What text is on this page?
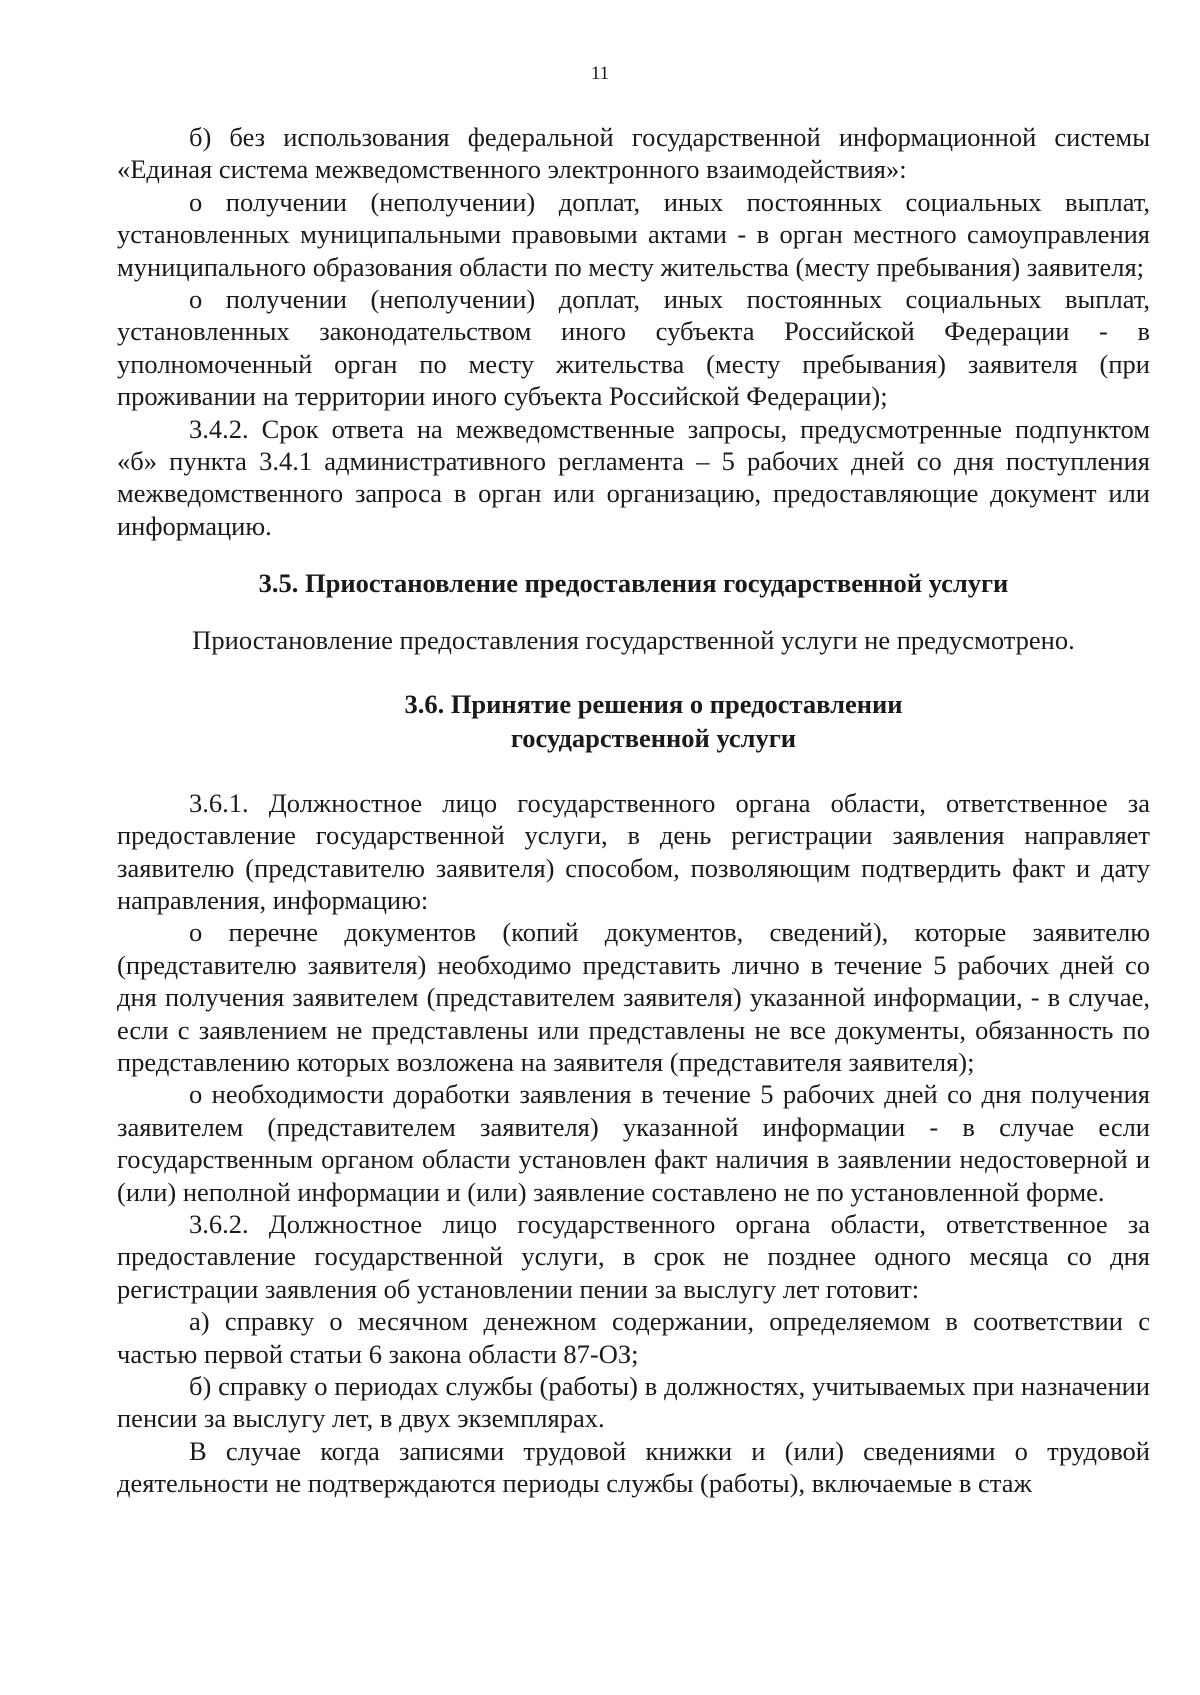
11

б) без использования федеральной государственной информационной системы «Единая система межведомственного электронного взаимодействия»:

о получении (неполучении) доплат, иных постоянных социальных выплат, установленных муниципальными правовыми актами - в орган местного самоуправления муниципального образования области по месту жительства (месту пребывания) заявителя;

о получении (неполучении) доплат, иных постоянных социальных выплат, установленных законодательством иного субъекта Российской Федерации - в уполномоченный орган по месту жительства (месту пребывания) заявителя (при проживании на территории иного субъекта Российской Федерации);

3.4.2. Срок ответа на межведомственные запросы, предусмотренные подпунктом «б» пункта 3.4.1 административного регламента – 5 рабочих дней со дня поступления межведомственного запроса в орган или организацию, предоставляющие документ или информацию.

3.5. Приостановление предоставления государственной услуги

Приостановление предоставления государственной услуги не предусмотрено.

3.6. Принятие решения о предоставлении
государственной услуги

3.6.1. Должностное лицо государственного органа области, ответственное за предоставление государственной услуги, в день регистрации заявления направляет заявителю (представителю заявителя) способом, позволяющим подтвердить факт и дату направления, информацию:

о перечне документов (копий документов, сведений), которые заявителю (представителю заявителя) необходимо представить лично в течение 5 рабочих дней со дня получения заявителем (представителем заявителя) указанной информации, - в случае, если с заявлением не представлены или представлены не все документы, обязанность по представлению которых возложена на заявителя (представителя заявителя);

о необходимости доработки заявления в течение 5 рабочих дней со дня получения заявителем (представителем заявителя) указанной информации - в случае если государственным органом области установлен факт наличия в заявлении недостоверной и (или) неполной информации и (или) заявление составлено не по установленной форме.

3.6.2. Должностное лицо государственного органа области, ответственное за предоставление государственной услуги, в срок не позднее одного месяца со дня регистрации заявления об установлении пении за выслугу лет готовит:

а) справку о месячном денежном содержании, определяемом в соответствии с частью первой статьи 6 закона области 87-ОЗ;

б) справку о периодах службы (работы) в должностях, учитываемых при назначении пенсии за выслугу лет, в двух экземплярах.

В случае когда записями трудовой книжки и (или) сведениями о трудовой деятельности не подтверждаются периоды службы (работы), включаемые в стаж
